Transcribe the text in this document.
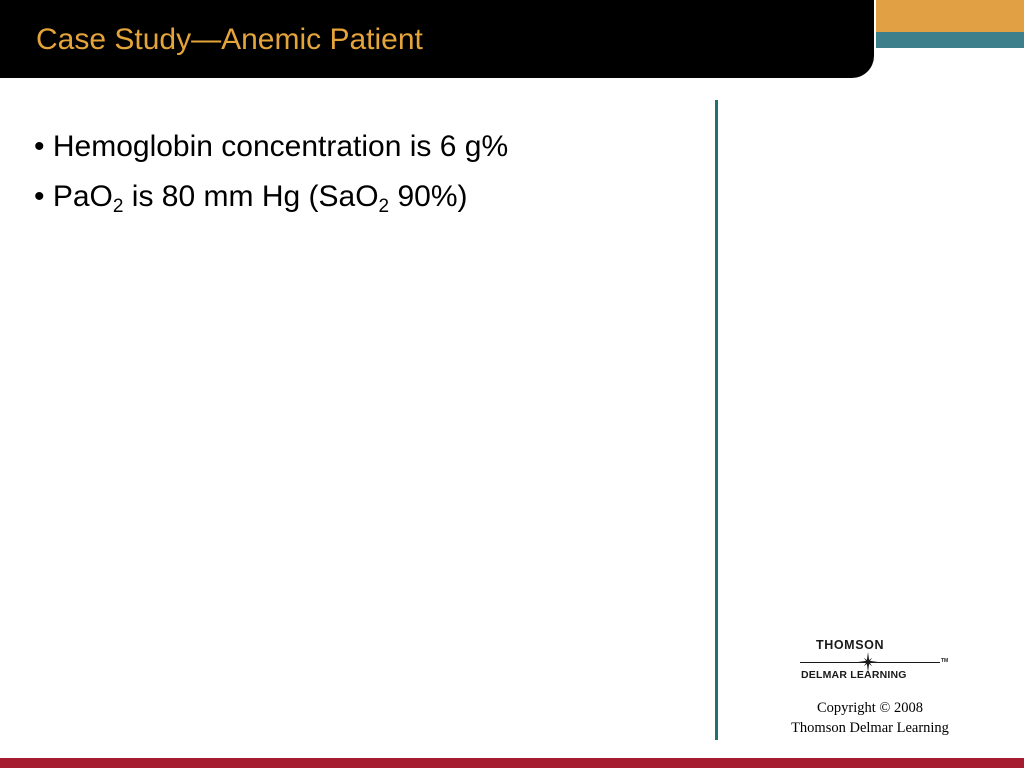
Case Study—Anemic Patient
• Hemoglobin concentration is 6 g%
• PaO$_2$ is 80 mm Hg (SaO$_2$ 90%)
THOMSON
TM
DELMAR LEARNING
Copyright © 2008
Thomson Delmar Learning
